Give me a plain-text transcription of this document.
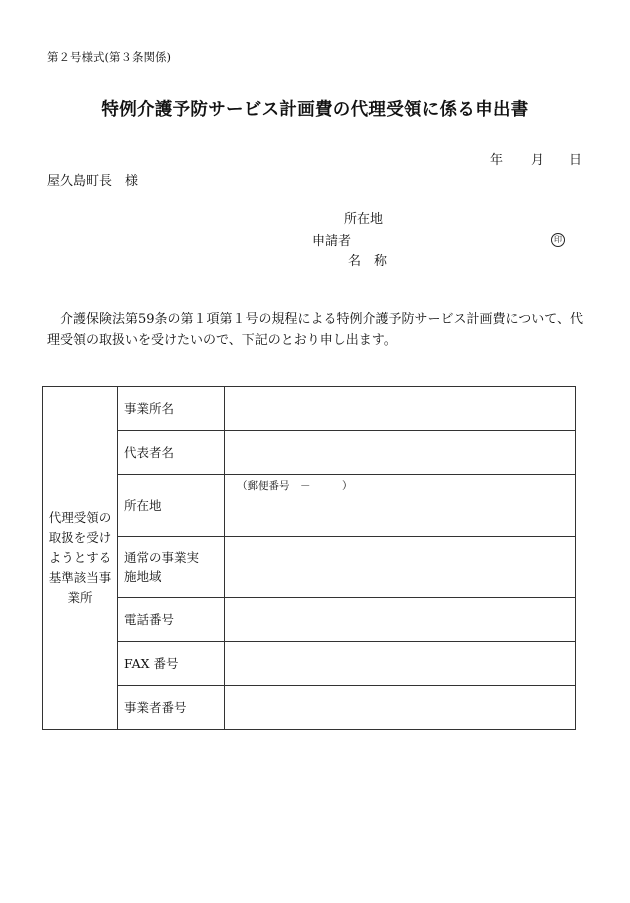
第２号様式(第３条関係)
特例介護予防サービス計画費の代理受領に係る申出書
年 月 日
屋久島町長　様
所在地
申請者
名　称
印
介護保険法第59条の第１項第１号の規程による特例介護予防サービス計画費について、代理受領の取扱いを受けたいので、下記のとおり申し出ます。
代理受領の取扱を受けようとする基準該当事業所	事業所名	
	代表者名	
	所在地	（郵便番号　－　　　）

	通常の事業実施地域	

	電話番号	
	FAX 番号	
	事業者番号	
